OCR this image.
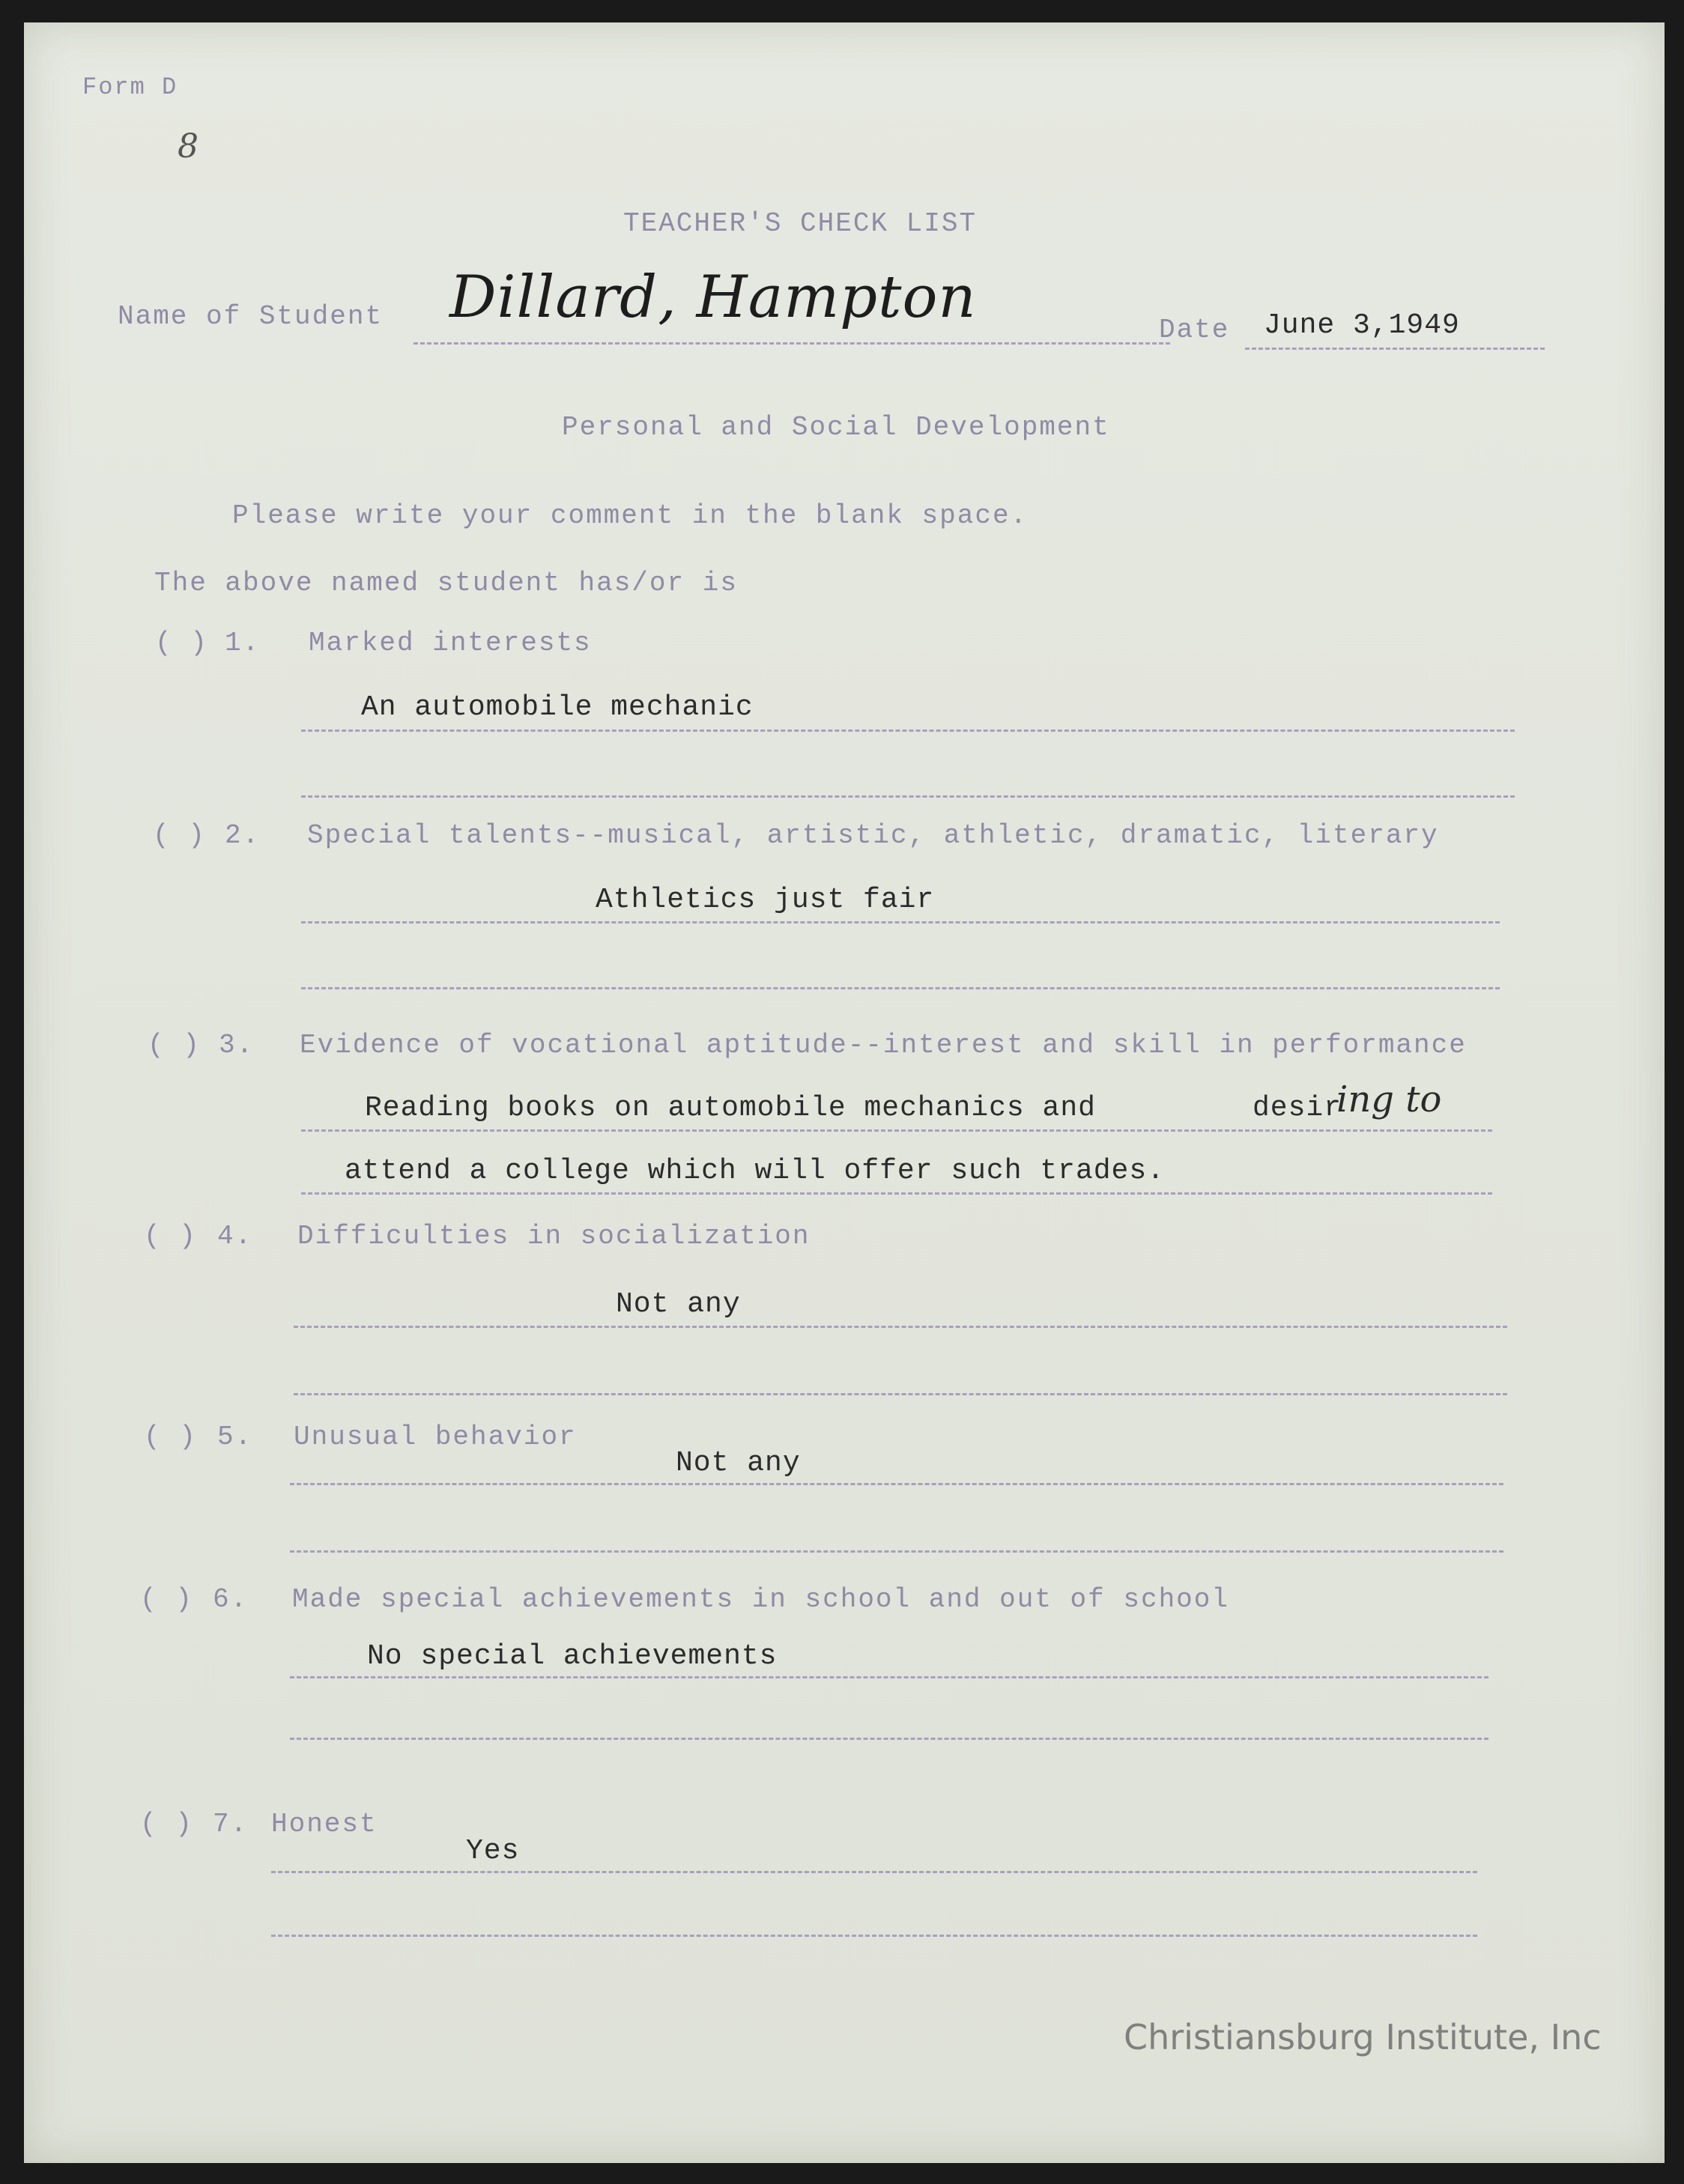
Form D
8
TEACHER'S CHECK LIST
Name of Student Dillard, Hampton	Date June 3,1949
Personal and Social Development
Please write your comment in the blank space.
The above named student has/or is
( ) 1. Marked interests
An automobile mechanic
( ) 2. Special talents--musical, artistic, athletic, dramatic, literary
Athletics just fair
( ) 3. Evidence of vocational aptitude--interest and skill in performance
Reading books on automobile mechanics and	desir
ing to
attend a college which will offer such trades.
( ) 4. Difficulties in socialization
Not any
( ) 5. Unusual behavior
Not any
( ) 6. Made special achievements in school and out of school
No special achievements
( ) 7. Honest
Yes
Christiansburg Institute, Inc
